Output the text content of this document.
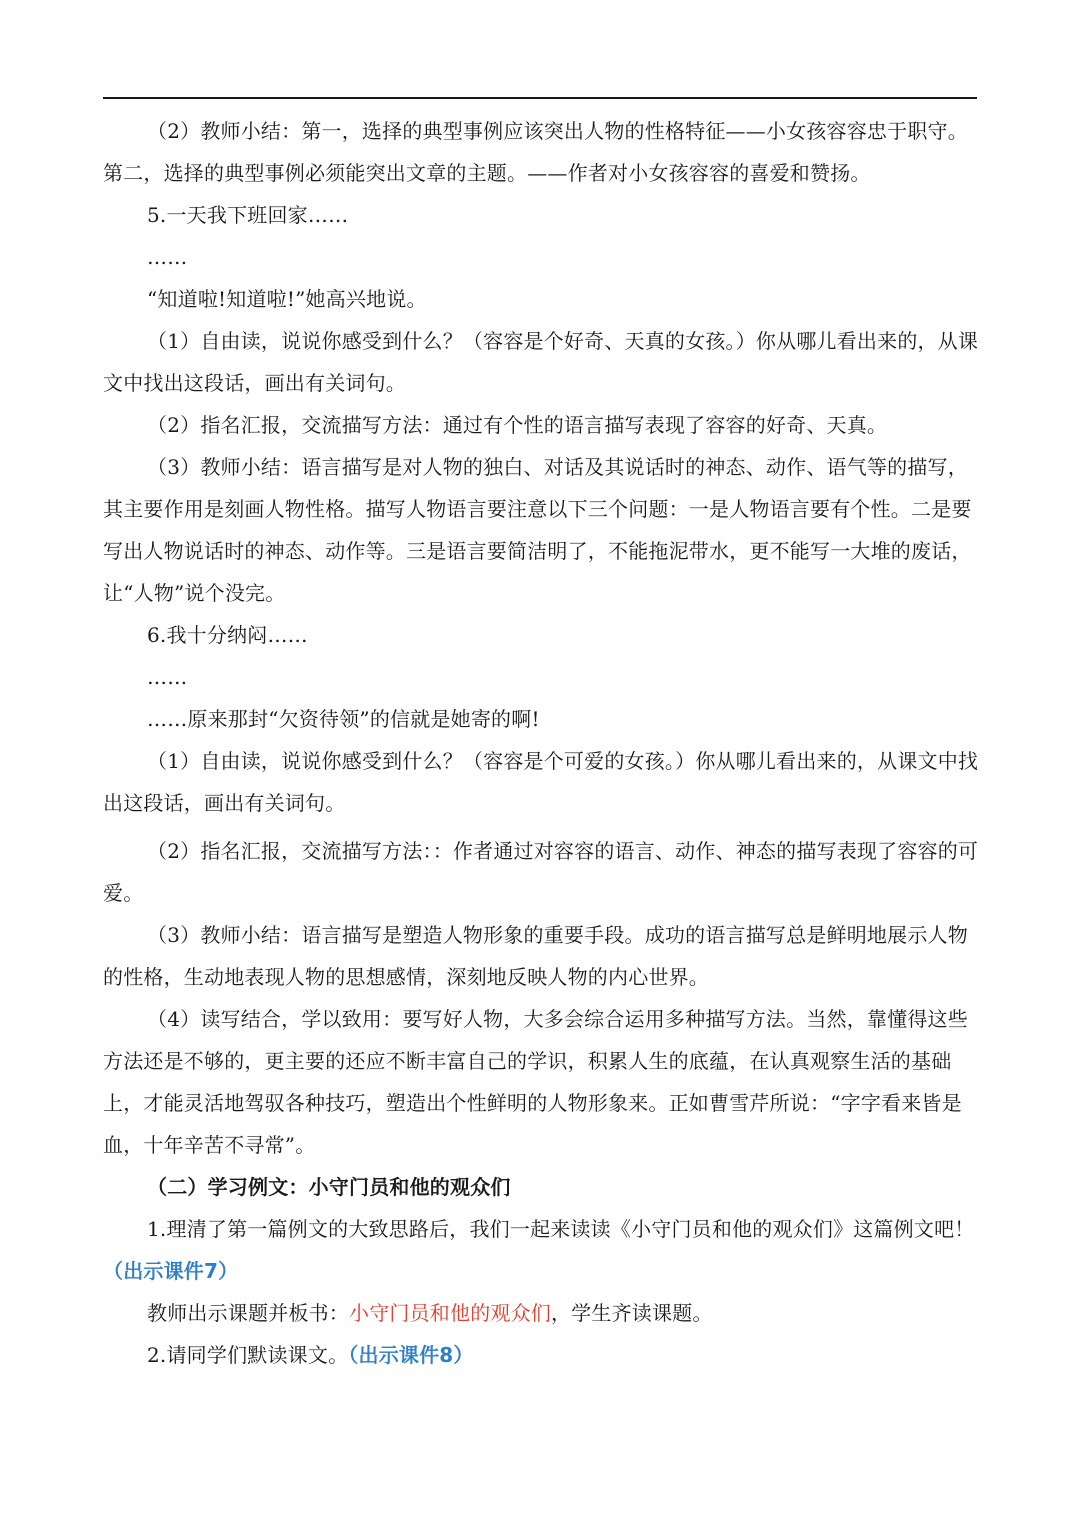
（2）教师小结：第一，选择的典型事例应该突出人物的性格特征——小女孩容容忠于职守。 第二，选择的典型事例必须能突出文章的主题。——作者对小女孩容容的喜爱和赞扬。

5.一天我下班回家……

……

“知道啦!知道啦!”她高兴地说。

（1）自由读，说说你感受到什么？（容容是个好奇、天真的女孩。）你从哪儿看出来的，从课文中找出这段话，画出有关词句。

（2）指名汇报，交流描写方法：通过有个性的语言描写表现了容容的好奇、天真。

（3）教师小结：语言描写是对人物的独白、对话及其说话时的神态、动作、语气等的描写，其主要作用是刻画人物性格。描写人物语言要注意以下三个问题：一是人物语言要有个性。二是要写出人物说话时的神态、动作等。三是语言要简洁明了，不能拖泥带水，更不能写一大堆的废话，让“人物”说个没完。

6.我十分纳闷……

……

……原来那封“欠资待领”的信就是她寄的啊!

（1）自由读，说说你感受到什么？（容容是个可爱的女孩。）你从哪儿看出来的，从课文中找出这段话，画出有关词句。

（2）指名汇报，交流描写方法：：作者通过对容容的语言、动作、神态的描写表现了容容的可爱。

（3）教师小结：语言描写是塑造人物形象的重要手段。成功的语言描写总是鲜明地展示人物的性格，生动地表现人物的思想感情，深刻地反映人物的内心世界。

（4）读写结合，学以致用：要写好人物，大多会综合运用多种描写方法。当然，靠懂得这些方法还是不够的，更主要的还应不断丰富自己的学识，积累人生的底蕴，在认真观察生活的基础上，才能灵活地驾驭各种技巧，塑造出个性鲜明的人物形象来。正如曹雪芹所说：“字字看来皆是血，十年辛苦不寻常”。

（二）学习例文：小守门员和他的观众们

1.理清了第一篇例文的大致思路后，我们一起来读读《小守门员和他的观众们》这篇例文吧！（出示课件7）

教师出示课题并板书：小守门员和他的观众们，学生齐读课题。

2.请同学们默读课文。（出示课件8）
